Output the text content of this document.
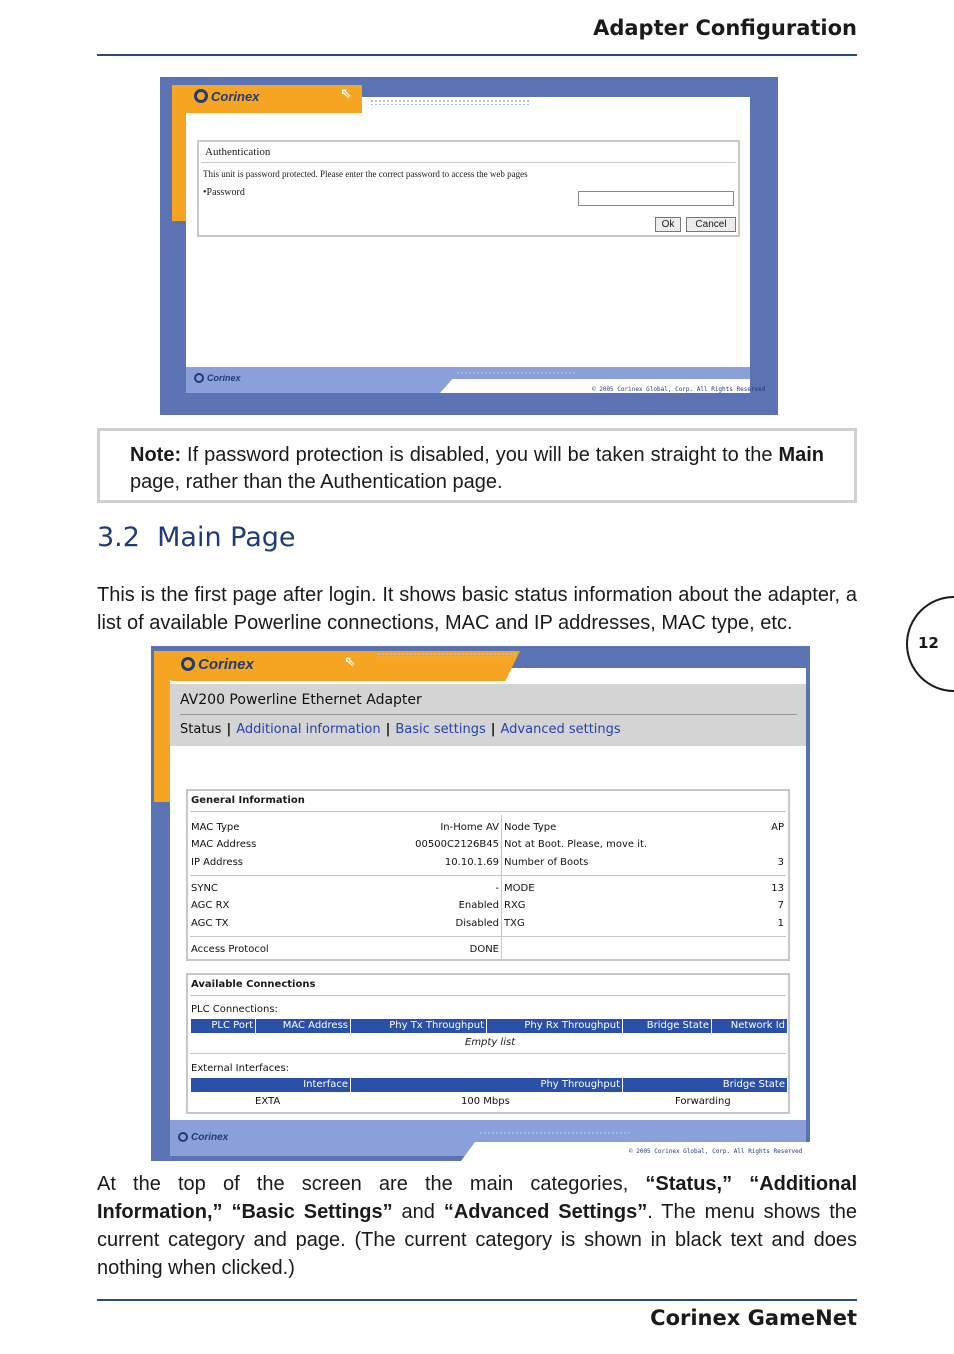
Adapter Configuration
Corinex	⇖
Authentication
This unit is password protected. Please enter the correct password to access the web pages
•Password
Ok	Cancel
Corinex
© 2005 Corinex Global, Corp. All Rights Reserved
Note: If password protection is disabled, you will be taken straight to the Main page, rather than the Authentication page.
3.2  Main Page
This is the first page after login. It shows basic status information about the adapter, a list of available Powerline connections, MAC and IP addresses, MAC type, etc.
12
Corinex	⇖
AV200 Powerline Ethernet Adapter
Status | Additional information | Basic settings | Advanced settings
General Information
MAC Type	In-Home AV Node Type	AP
MAC Address	00500C2126B45 Not at Boot. Please, move it.
IP Address	10.10.1.69 Number of Boots	3
SYNC	- MODE	13
AGC RX	Enabled RXG	7
AGC TX	Disabled TXG	1
Access Protocol	DONE
Available Connections
PLC Connections:
PLC Port	MAC Address	Phy Tx Throughput	Phy Rx Throughput	Bridge State	Network Id
Empty list
External Interfaces:
Interface	Phy Throughput	Bridge State
EXTA	100 Mbps	Forwarding
Corinex
© 2005 Corinex Global, Corp. All Rights Reserved
At the top of the screen are the main categories, “Status,” “Additional Information,” “Basic Settings” and “Advanced Settings”. The menu shows the current category and page. (The current category is shown in black text and does nothing when clicked.)
Corinex GameNet
